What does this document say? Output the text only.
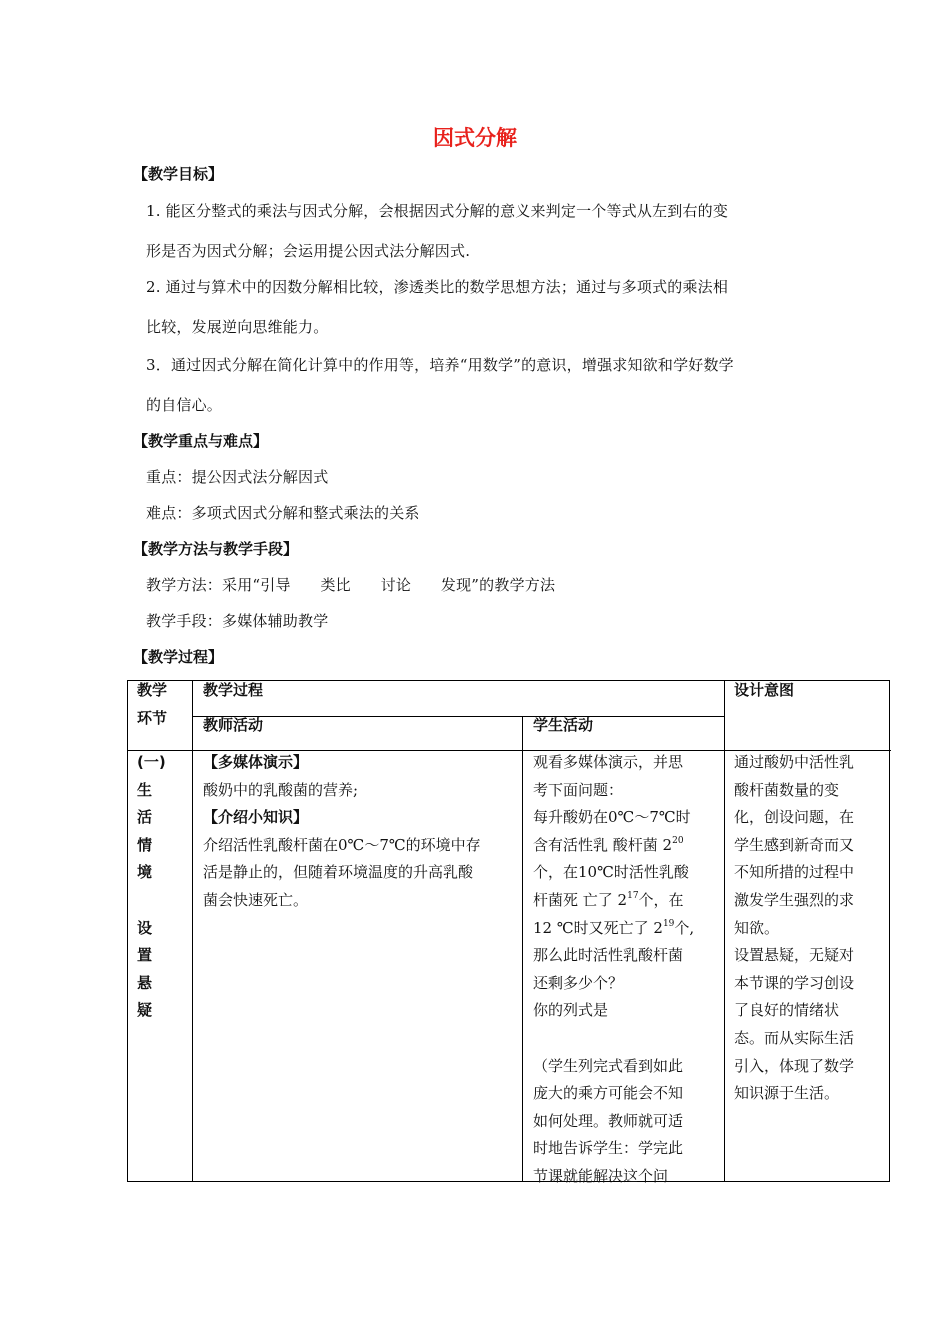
因式分解
【教学目标】
1. 能区分整式的乘法与因式分解，会根据因式分解的意义来判定一个等式从左到右的变
形是否为因式分解；会运用提公因式法分解因式.
2. 通过与算术中的因数分解相比较，渗透类比的数学思想方法；通过与多项式的乘法相
比较，发展逆向思维能力。
3．通过因式分解在简化计算中的作用等，培养“用数学”的意识，增强求知欲和学好数学
的自信心。
【教学重点与难点】
重点：提公因式法分解因式
难点：多项式因式分解和整式乘法的关系
【教学方法与教学手段】
教学方法：采用“引导      类比      讨论      发现”的教学方法
教学手段：多媒体辅助教学
【教学过程】
教学
环节
教学过程	设计意图
教师活动	学生活动
(一)
生
活
情
境
设
置
悬
疑
【多媒体演示】
酸奶中的乳酸菌的营养;
【介绍小知识】
介绍活性乳酸杆菌在0℃～7℃的环境中存
活是静止的，但随着环境温度的升高乳酸
菌会快速死亡。
观看多媒体演示，并思
考下面问题：
每升酸奶在0℃～7℃时
含有活性乳 酸杆菌 $2^{20}$
个，在10℃时活性乳酸
杆菌死 亡了 $2^{17}$个，在
12 ℃时又死亡了 $2^{19}$个,
那么此时活性乳酸杆菌
还剩多少个？
你的列式是
（学生列完式看到如此
庞大的乘方可能会不知
如何处理。教师就可适
时地告诉学生：学完此
节课就能解决这个问
通过酸奶中活性乳
酸杆菌数量的变
化，创设问题，在
学生感到新奇而又
不知所措的过程中
激发学生强烈的求
知欲。
设置悬疑，无疑对
本节课的学习创设
了良好的情绪状
态。而从实际生活
引入，体现了数学
知识源于生活。
